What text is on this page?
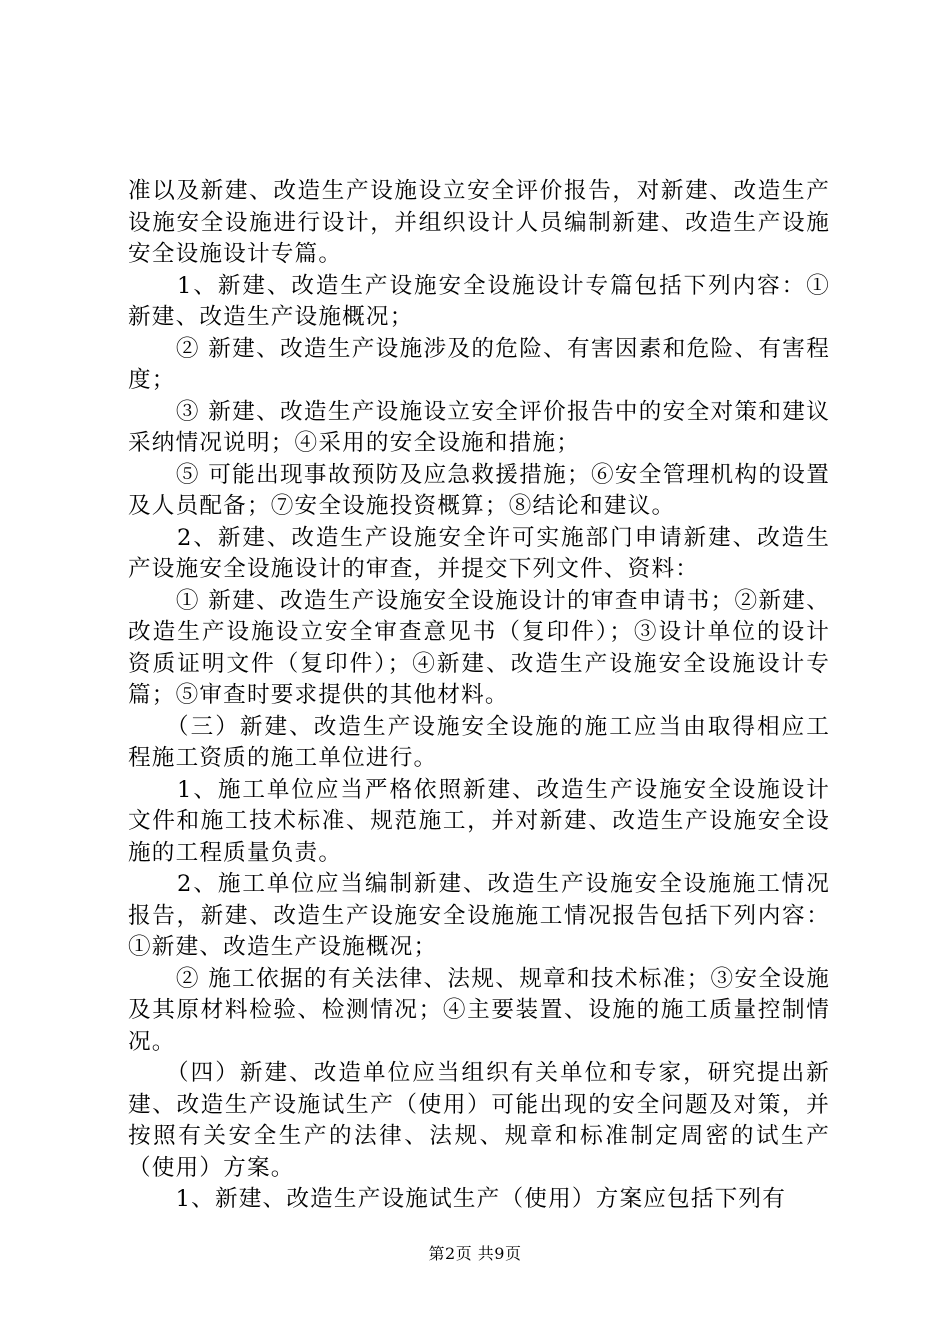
准以及新建、改造生产设施设立安全评价报告，对新建、改造生产设施安全设施进行设计，并组织设计人员编制新建、改造生产设施安全设施设计专篇。

　　1、新建、改造生产设施安全设施设计专篇包括下列内容：①新建、改造生产设施概况；

　　② 新建、改造生产设施涉及的危险、有害因素和危险、有害程度；

　　③ 新建、改造生产设施设立安全评价报告中的安全对策和建议采纳情况说明；④采用的安全设施和措施；

　　⑤ 可能出现事故预防及应急救援措施；⑥安全管理机构的设置及人员配备；⑦安全设施投资概算；⑧结论和建议。

　　2、新建、改造生产设施安全许可实施部门申请新建、改造生产设施安全设施设计的审查，并提交下列文件、资料：

　　① 新建、改造生产设施安全设施设计的审查申请书；②新建、改造生产设施设立安全审查意见书（复印件）；③设计单位的设计资质证明文件（复印件）；④新建、改造生产设施安全设施设计专篇；⑤审查时要求提供的其他材料。

　　（三）新建、改造生产设施安全设施的施工应当由取得相应工程施工资质的施工单位进行。

　　1、施工单位应当严格依照新建、改造生产设施安全设施设计文件和施工技术标准、规范施工，并对新建、改造生产设施安全设施的工程质量负责。

　　2、施工单位应当编制新建、改造生产设施安全设施施工情况报告，新建、改造生产设施安全设施施工情况报告包括下列内容：①新建、改造生产设施概况；

　　② 施工依据的有关法律、法规、规章和技术标准；③安全设施及其原材料检验、检测情况；④主要装置、设施的施工质量控制情况。

　　（四）新建、改造单位应当组织有关单位和专家，研究提出新建、改造生产设施试生产（使用）可能出现的安全问题及对策，并按照有关安全生产的法律、法规、规章和标准制定周密的试生产（使用）方案。

　　1、新建、改造生产设施试生产（使用）方案应包括下列有

第2页 共9页
